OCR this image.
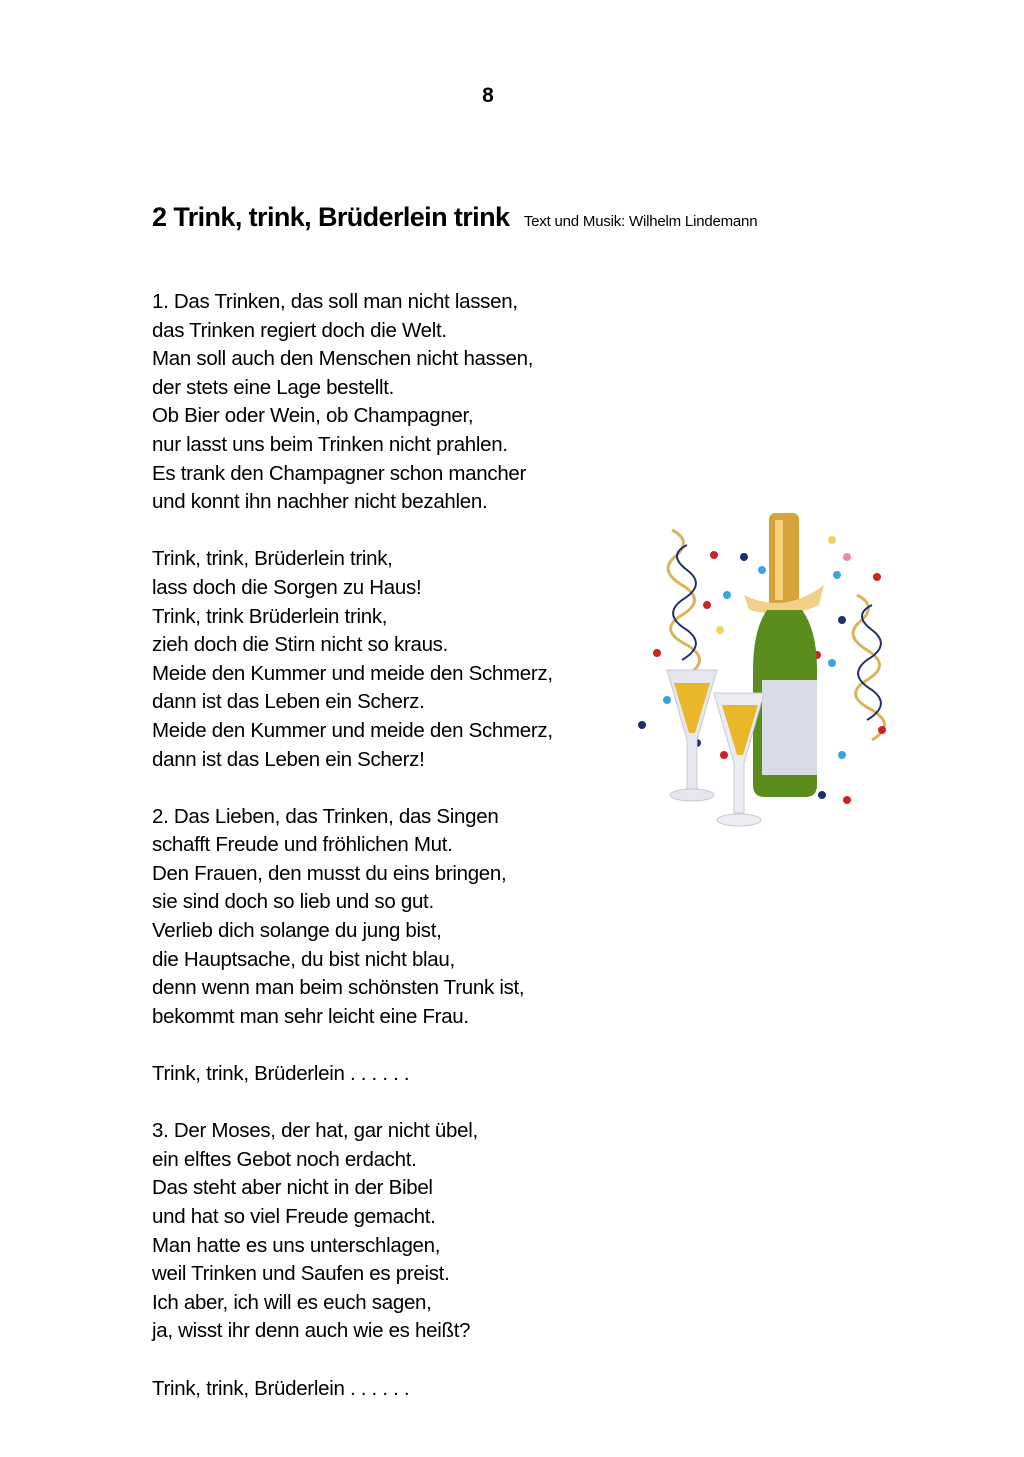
8
2 Trink, trink, Brüderlein trink Text und Musik: Wilhelm Lindemann
1. Das Trinken, das soll man nicht lassen,
das Trinken regiert doch die Welt.
Man soll auch den Menschen nicht hassen,
der stets eine Lage bestellt.
Ob Bier oder Wein, ob Champagner,
nur lasst uns beim Trinken nicht prahlen.
Es trank den Champagner schon mancher
und konnt ihn nachher nicht bezahlen.
Trink, trink, Brüderlein trink,
lass doch die Sorgen zu Haus!
Trink, trink Brüderlein trink,
zieh doch die Stirn nicht so kraus.
Meide den Kummer und meide den Schmerz,
dann ist das Leben ein Scherz.
Meide den Kummer und meide den Schmerz,
dann ist das Leben ein Scherz!
2. Das Lieben, das Trinken, das Singen
schafft Freude und fröhlichen Mut.
Den Frauen, den musst du eins bringen,
sie sind doch so lieb und so gut.
Verlieb dich solange du jung bist,
die Hauptsache, du bist nicht blau,
denn wenn man beim schönsten Trunk ist,
bekommt man sehr leicht eine Frau.
Trink, trink, Brüderlein . . . . . .
3. Der Moses, der hat, gar nicht übel,
ein elftes Gebot noch erdacht.
Das steht aber nicht in der Bibel
und hat so viel Freude gemacht.
Man hatte es uns unterschlagen,
weil Trinken und Saufen es preist.
Ich aber, ich will es euch sagen,
ja, wisst ihr denn auch wie es heißt?
Trink, trink, Brüderlein . . . . . .
